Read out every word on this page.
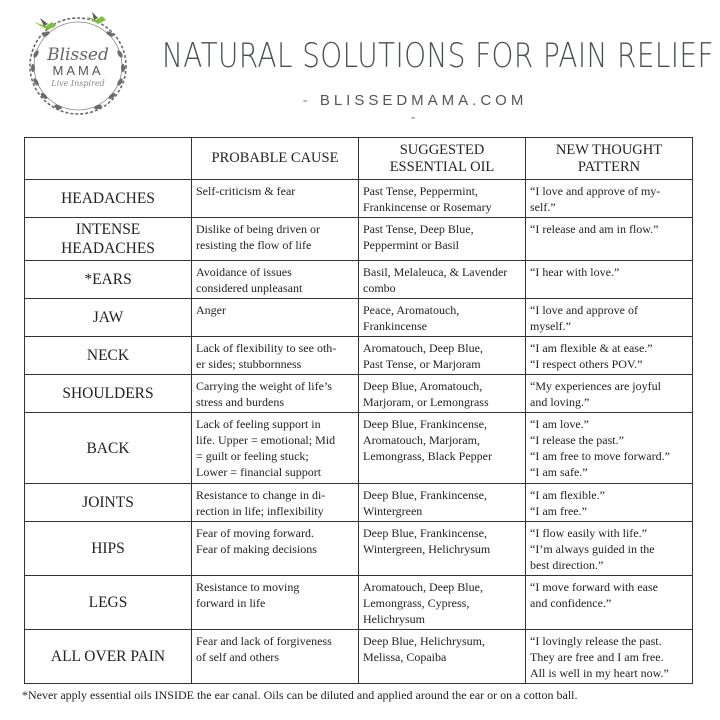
Blissed
MAMA
Live Inspired
NATURAL SOLUTIONS FOR PAIN RELIEF
- BLISSEDMAMA.COM -

	PROBABLE CAUSE	SUGGESTED
ESSENTIAL OIL	NEW THOUGHT
PATTERN

HEADACHES	Self-criticism & fear	Past Tense, Peppermint,
Frankincense or Rosemary	“I love and approve of my-
self.”

INTENSE
HEADACHES	Dislike of being driven or
resisting the flow of life	Past Tense, Deep Blue,
Peppermint or Basil	“I release and am in flow.”

*EARS	Avoidance of issues
considered unpleasant	Basil, Melaleuca, & Lavender
combo	“I hear with love.”

JAW	Anger	Peace, Aromatouch,
Frankincense	“I love and approve of
myself.”

NECK	Lack of flexibility to see oth-
er sides; stubbornness	Aromatouch, Deep Blue,
Past Tense, or Marjoram	“I am flexible & at ease.”
“I respect others POV.”

SHOULDERS	Carrying the weight of life’s
stress and burdens	Deep Blue, Aromatouch,
Marjoram, or Lemongrass	“My experiences are joyful
and loving.”

BACK	Lack of feeling support in
life. Upper = emotional; Mid
= guilt or feeling stuck;
Lower = financial support	Deep Blue, Frankincense,
Aromatouch, Marjoram,
Lemongrass, Black Pepper	“I am love.”
“I release the past.”
“I am free to move forward.”
“I am safe.”

JOINTS	Resistance to change in di-
rection in life; inflexibility	Deep Blue, Frankincense,
Wintergreen	“I am flexible.”
“I am free.”

HIPS	Fear of moving forward.
Fear of making decisions	Deep Blue, Frankincense,
Wintergreen, Helichrysum	“I flow easily with life.”
“I’m always guided in the
best direction.”

LEGS	Resistance to moving
forward in life	Aromatouch, Deep Blue,
Lemongrass, Cypress,
Helichrysum	“I move forward with ease
and confidence.”

ALL OVER PAIN	Fear and lack of forgiveness
of self and others	Deep Blue, Helichrysum,
Melissa, Copaiba	“I lovingly release the past.
They are free and I am free.
All is well in my heart now.”
*Never apply essential oils INSIDE the ear canal. Oils can be diluted and applied around the ear or on a cotton ball.
